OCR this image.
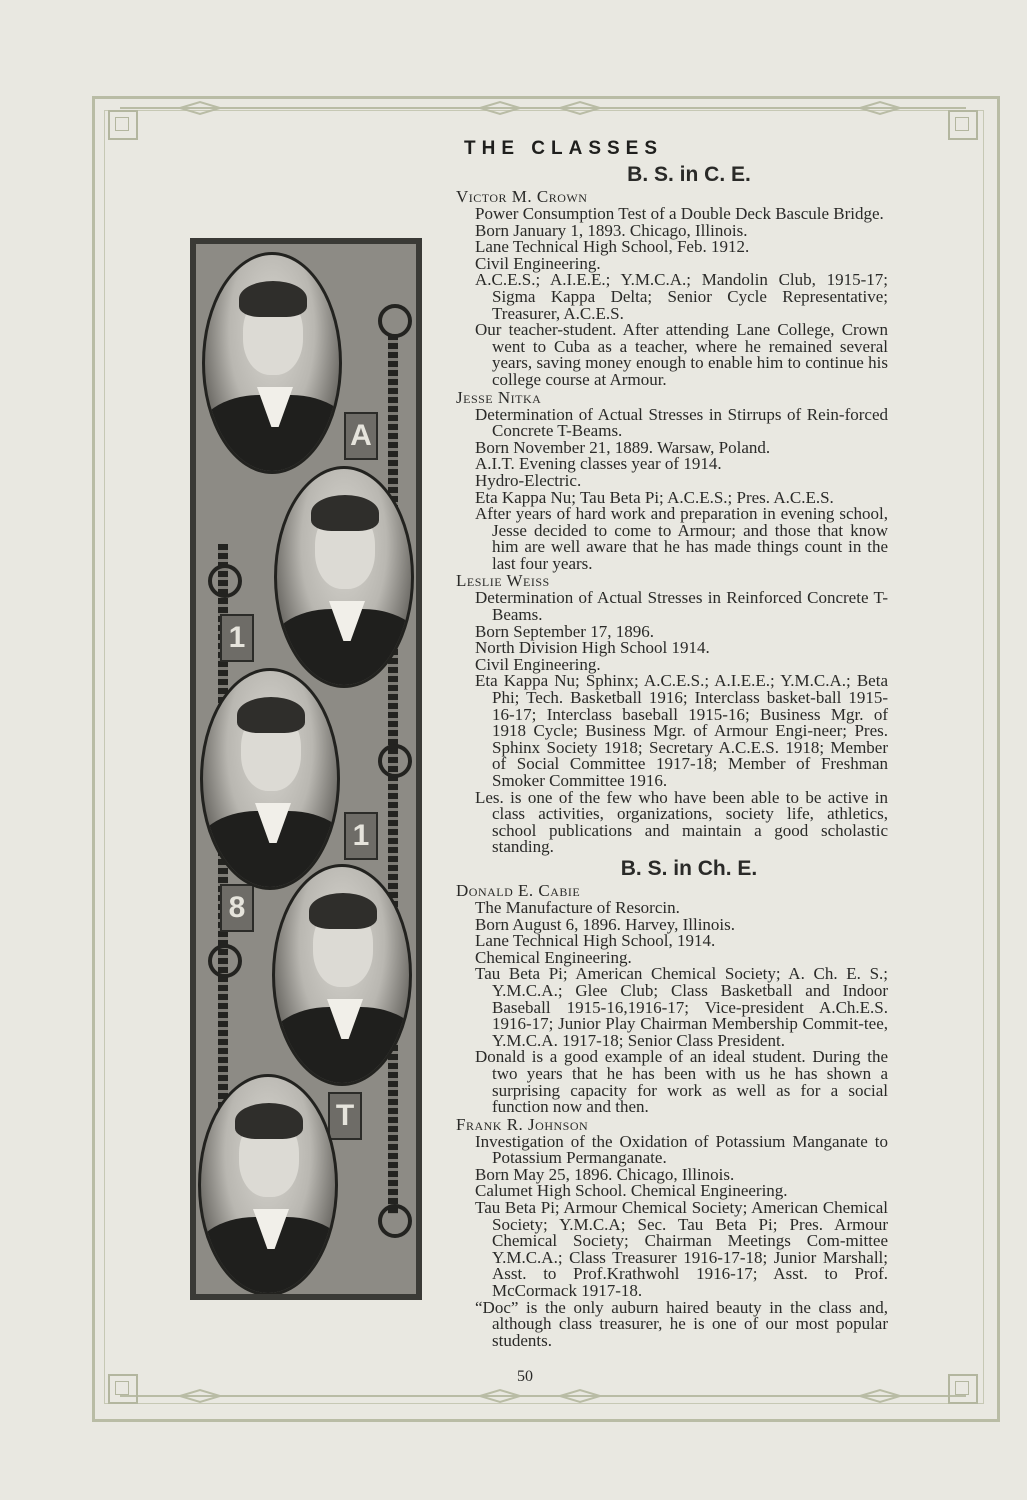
A
1
1
8
T
THE CLASSES
B. S. in C. E.

Victor M. Crown

Power Consumption Test of a Double Deck Bascule Bridge.

Born January 1, 1893. Chicago, Illinois.

Lane Technical High School, Feb. 1912.

Civil Engineering.

A.C.E.S.; A.I.E.E.; Y.M.C.A.; Mandolin Club, 1915-17; Sigma Kappa Delta; Senior Cycle Representative; Treasurer, A.C.E.S.

Our teacher-student. After attending Lane College, Crown went to Cuba as a teacher, where he remained several years, saving money enough to enable him to continue his college course at Armour.

Jesse Nitka

Determination of Actual Stresses in Stirrups of Rein-forced Concrete T-Beams.

Born November 21, 1889. Warsaw, Poland.

A.I.T. Evening classes year of 1914.

Hydro-Electric.

Eta Kappa Nu; Tau Beta Pi; A.C.E.S.; Pres. A.C.E.S.

After years of hard work and preparation in evening school, Jesse decided to come to Armour; and those that know him are well aware that he has made things count in the last four years.

Leslie Weiss

Determination of Actual Stresses in Reinforced Concrete T-Beams.

Born September 17, 1896.

North Division High School 1914.

Civil Engineering.

Eta Kappa Nu; Sphinx; A.C.E.S.; A.I.E.E.; Y.M.C.A.; Beta Phi; Tech. Basketball 1916; Interclass basket-ball 1915-16-17; Interclass baseball 1915-16; Business Mgr. of 1918 Cycle; Business Mgr. of Armour Engi-neer; Pres. Sphinx Society 1918; Secretary A.C.E.S. 1918; Member of Social Committee 1917-18; Member of Freshman Smoker Committee 1916.

Les. is one of the few who have been able to be active in class activities, organizations, society life, athletics, school publications and maintain a good scholastic standing.

B. S. in Ch. E.

Donald E. Cabie

The Manufacture of Resorcin.

Born August 6, 1896. Harvey, Illinois.

Lane Technical High School, 1914.

Chemical Engineering.

Tau Beta Pi; American Chemical Society; A. Ch. E. S.; Y.M.C.A.; Glee Club; Class Basketball and Indoor Baseball 1915-16,1916-17; Vice-president A.Ch.E.S. 1916-17; Junior Play Chairman Membership Commit-tee, Y.M.C.A. 1917-18; Senior Class President.

Donald is a good example of an ideal student. During the two years that he has been with us he has shown a surprising capacity for work as well as for a social function now and then.

Frank R. Johnson

Investigation of the Oxidation of Potassium Manganate to Potassium Permanganate.

Born May 25, 1896. Chicago, Illinois.

Calumet High School. Chemical Engineering.

Tau Beta Pi; Armour Chemical Society; American Chemical Society; Y.M.C.A; Sec. Tau Beta Pi; Pres. Armour Chemical Society; Chairman Meetings Com-mittee Y.M.C.A.; Class Treasurer 1916-17-18; Junior Marshall; Asst. to Prof.Krathwohl 1916-17; Asst. to Prof. McCormack 1917-18.

“Doc” is the only auburn haired beauty in the class and, although class treasurer, he is one of our most popular students.

50
